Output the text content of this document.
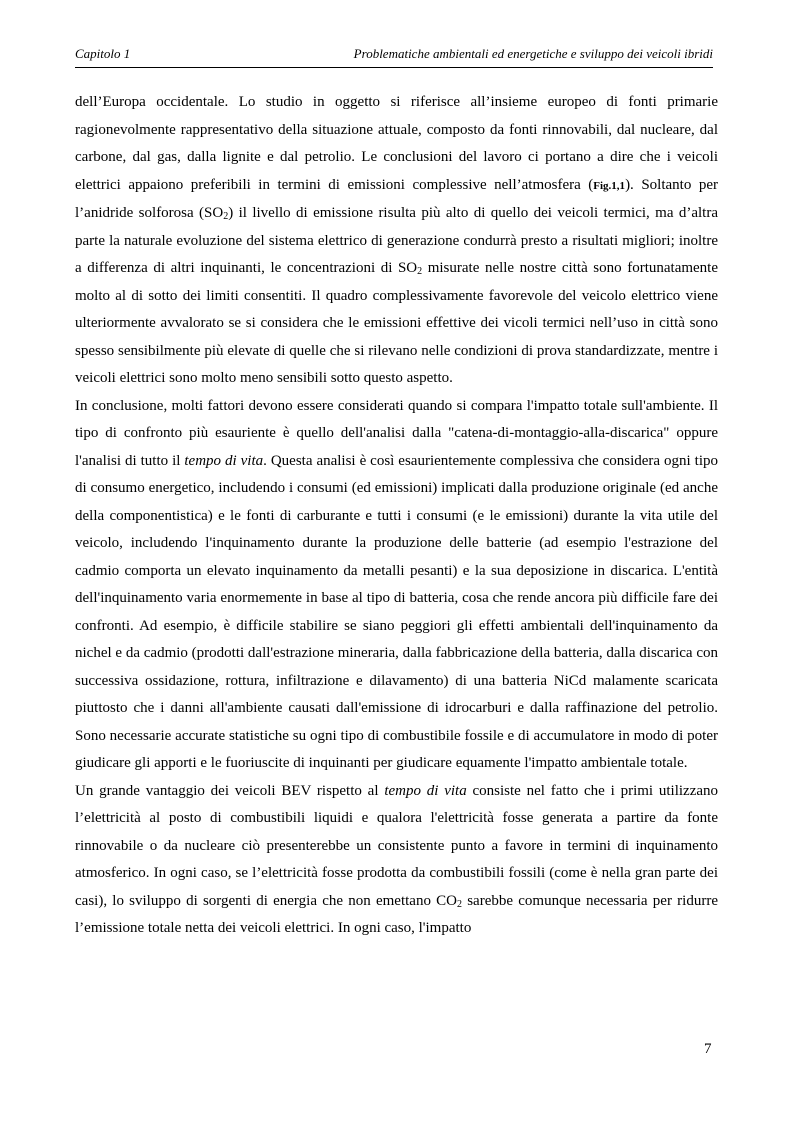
Capitolo 1	Problematiche ambientali ed energetiche e sviluppo dei veicoli ibridi

dell’Europa occidentale. Lo studio in oggetto si riferisce all’insieme europeo di fonti primarie ragionevolmente rappresentativo della situazione attuale, composto da fonti rinnovabili, dal nucleare, dal carbone, dal gas, dalla lignite e dal petrolio. Le conclusioni del lavoro ci portano a dire che i veicoli elettrici appaiono preferibili in termini di emissioni complessive nell’atmosfera (Fig.1,1). Soltanto per l’anidride solforosa $(SO_2)$ il livello di emissione risulta più alto di quello dei veicoli termici, ma d’altra parte la naturale evoluzione del sistema elettrico di generazione condurrà presto a risultati migliori; inoltre a differenza di altri inquinanti, le concentrazioni di $SO_2$ misurate nelle nostre città sono fortunatamente molto al di sotto dei limiti consentiti. Il quadro complessivamente favorevole del veicolo elettrico viene ulteriormente avvalorato se si considera che le emissioni effettive dei vicoli termici nell’uso in città sono spesso sensibilmente più elevate di quelle che si rilevano nelle condizioni di prova standardizzate, mentre i veicoli elettrici sono molto meno sensibili sotto questo aspetto.

In conclusione, molti fattori devono essere considerati quando si compara l'impatto totale sull'ambiente. Il tipo di confronto più esauriente è quello dell'analisi dalla "catena-di-montaggio-alla-discarica" oppure l'analisi di tutto il tempo di vita. Questa analisi è così esaurientemente complessiva che considera ogni tipo di consumo energetico, includendo i consumi (ed emissioni) implicati dalla produzione originale (ed anche della componentistica) e le fonti di carburante e tutti i consumi (e le emissioni) durante la vita utile del veicolo, includendo l'inquinamento durante la produzione delle batterie (ad esempio l'estrazione del cadmio comporta un elevato inquinamento da metalli pesanti) e la sua deposizione in discarica. L'entità dell'inquinamento varia enormemente in base al tipo di batteria, cosa che rende ancora più difficile fare dei confronti. Ad esempio, è difficile stabilire se siano peggiori gli effetti ambientali dell'inquinamento da nichel e da cadmio (prodotti dall'estrazione mineraria, dalla fabbricazione della batteria, dalla discarica con successiva ossidazione, rottura, infiltrazione e dilavamento) di una batteria NiCd malamente scaricata piuttosto che i danni all'ambiente causati dall'emissione di idrocarburi e dalla raffinazione del petrolio. Sono necessarie accurate statistiche su ogni tipo di combustibile fossile e di accumulatore in modo di poter giudicare gli apporti e le fuoriuscite di inquinanti per giudicare equamente l'impatto ambientale totale.

Un grande vantaggio dei veicoli BEV rispetto al tempo di vita consiste nel fatto che i primi utilizzano l’elettricità al posto di combustibili liquidi e qualora l'elettricità fosse generata a partire da fonte rinnovabile o da nucleare ciò presenterebbe un consistente punto a favore in termini di inquinamento atmosferico. In ogni caso, se l’elettricità fosse prodotta da combustibili fossili (come è nella gran parte dei casi), lo sviluppo di sorgenti di energia che non emettano $CO_2$ sarebbe comunque necessaria per ridurre l’emissione totale netta dei veicoli elettrici. In ogni caso, l'impatto

7
